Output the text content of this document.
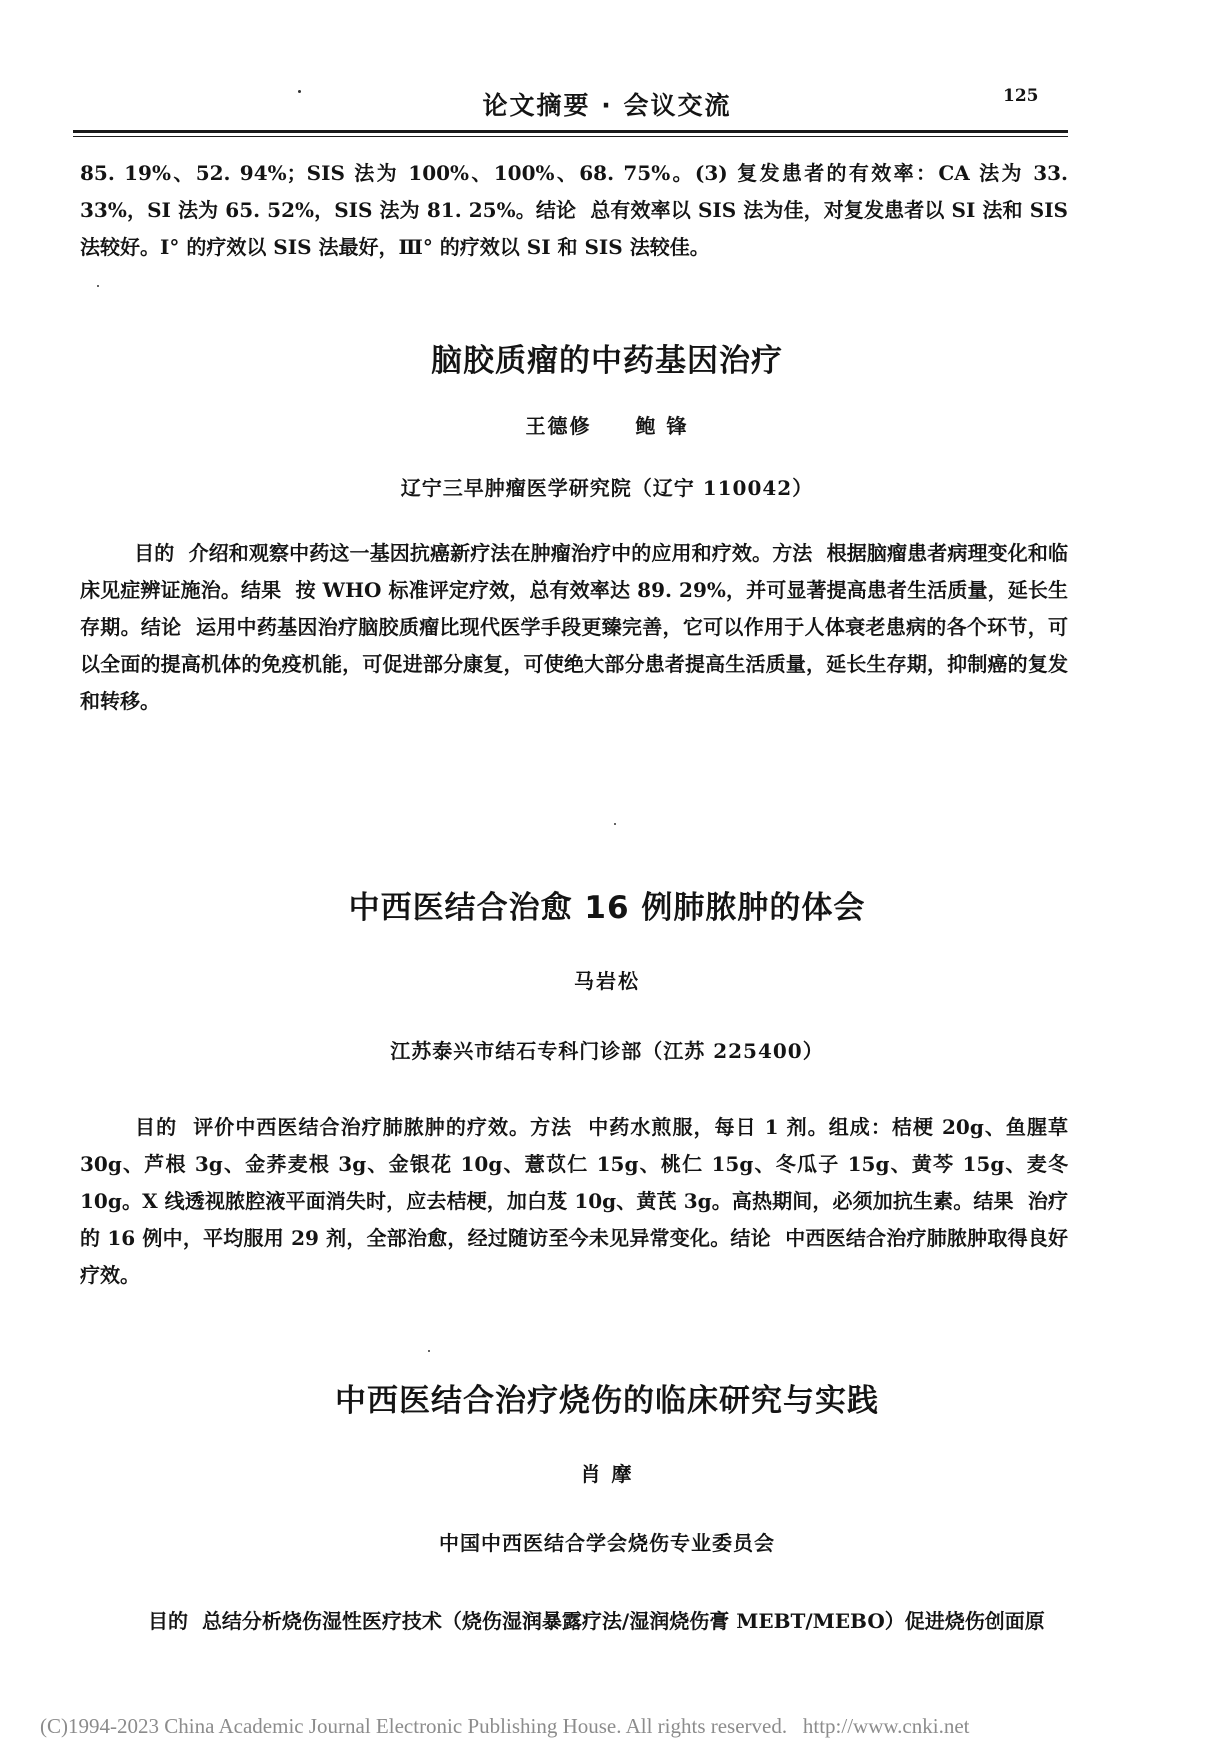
论文摘要 · 会议交流	125
85. 19%、52. 94%；SIS 法为 100%、100%、68. 75%。(3) 复发患者的有效率：CA 法为 33. 33%，SI 法为 65. 52%，SIS 法为 81. 25%。结论 总有效率以 SIS 法为佳，对复发患者以 SI 法和 SIS 法较好。Ⅰ° 的疗效以 SIS 法最好，Ⅲ° 的疗效以 SI 和 SIS 法较佳。
脑胶质瘤的中药基因治疗
王德修 鲍 锋
辽宁三早肿瘤医学研究院（辽宁 110042）
目的 介绍和观察中药这一基因抗癌新疗法在肿瘤治疗中的应用和疗效。方法 根据脑瘤患者病理变化和临床见症辨证施治。结果 按 WHO 标准评定疗效，总有效率达 89. 29%，并可显著提高患者生活质量，延长生存期。结论 运用中药基因治疗脑胶质瘤比现代医学手段更臻完善，它可以作用于人体衰老患病的各个环节，可以全面的提高机体的免疫机能，可促进部分康复，可使绝大部分患者提高生活质量，延长生存期，抑制癌的复发和转移。
中西医结合治愈 16 例肺脓肿的体会
马岩松
江苏泰兴市结石专科门诊部（江苏 225400）
目的 评价中西医结合治疗肺脓肿的疗效。方法 中药水煎服，每日 1 剂。组成：桔梗 20g、鱼腥草 30g、芦根 3g、金荞麦根 3g、金银花 10g、薏苡仁 15g、桃仁 15g、冬瓜子 15g、黄芩 15g、麦冬 10g。X 线透视脓腔液平面消失时，应去桔梗，加白芨 10g、黄芪 3g。高热期间，必须加抗生素。结果 治疗的 16 例中，平均服用 29 剂，全部治愈，经过随访至今未见异常变化。结论 中西医结合治疗肺脓肿取得良好疗效。
中西医结合治疗烧伤的临床研究与实践
肖 摩
中国中西医结合学会烧伤专业委员会
目的 总结分析烧伤湿性医疗技术（烧伤湿润暴露疗法/湿润烧伤膏 MEBT/MEBO）促进烧伤创面原
(C)1994-2023 China Academic Journal Electronic Publishing House. All rights reserved. http://www.cnki.net
